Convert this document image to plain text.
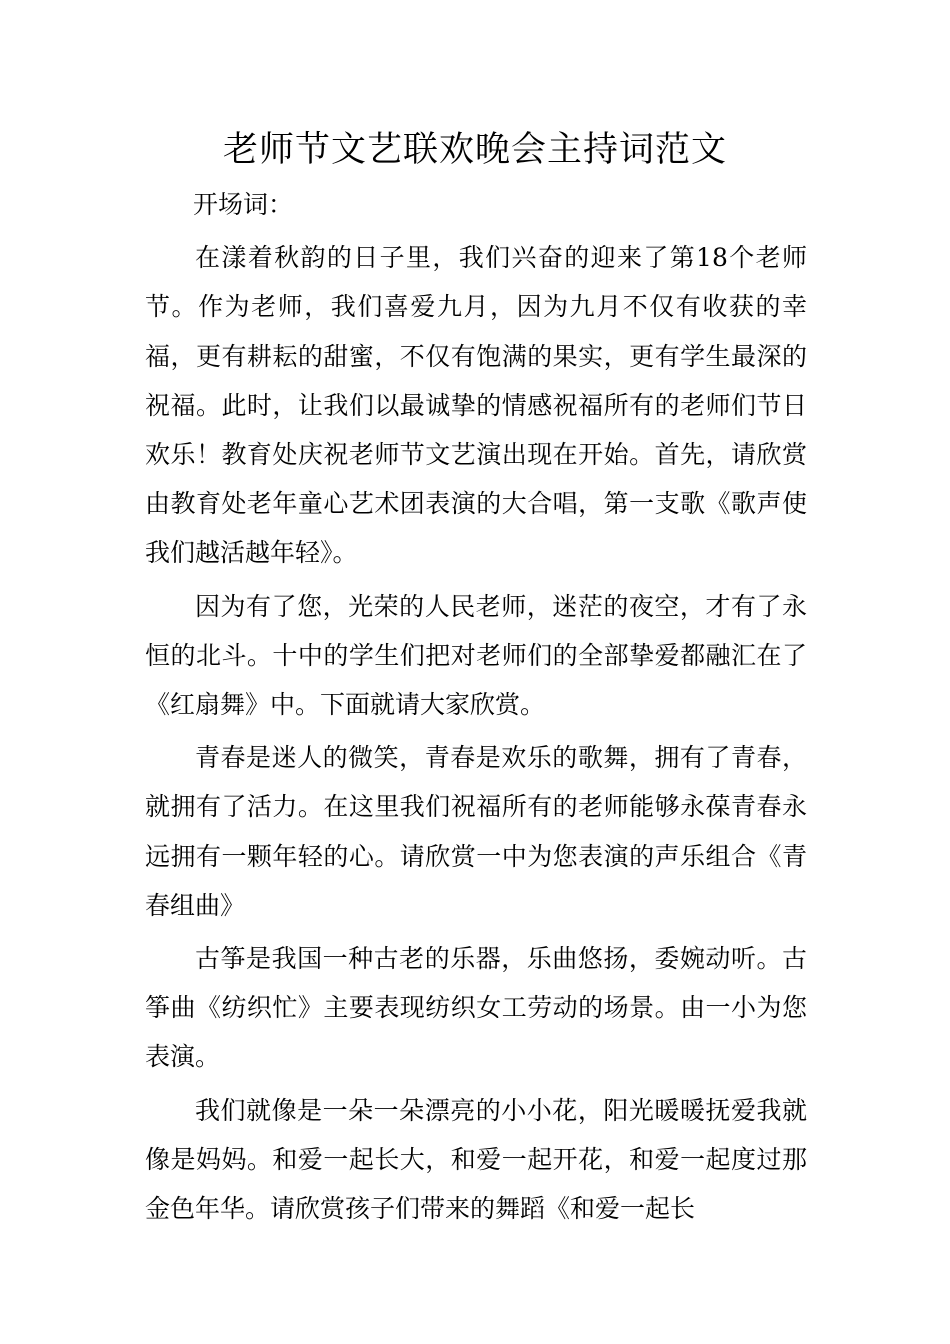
老师节文艺联欢晚会主持词范文

开场词：

在漾着秋韵的日子里，我们兴奋的迎来了第18个老师节。作为老师，我们喜爱九月，因为九月不仅有收获的幸福，更有耕耘的甜蜜，不仅有饱满的果实，更有学生最深的祝福。此时，让我们以最诚挚的情感祝福所有的老师们节日欢乐！教育处庆祝老师节文艺演出现在开始。首先，请欣赏由教育处老年童心艺术团表演的大合唱，第一支歌《歌声使我们越活越年轻》。

因为有了您，光荣的人民老师，迷茫的夜空，才有了永恒的北斗。十中的学生们把对老师们的全部挚爱都融汇在了《红扇舞》中。下面就请大家欣赏。

青春是迷人的微笑，青春是欢乐的歌舞，拥有了青春，就拥有了活力。在这里我们祝福所有的老师能够永葆青春永远拥有一颗年轻的心。请欣赏一中为您表演的声乐组合《青春组曲》

古筝是我国一种古老的乐器，乐曲悠扬，委婉动听。古筝曲《纺织忙》主要表现纺织女工劳动的场景。由一小为您表演。

我们就像是一朵一朵漂亮的小小花，阳光暖暖抚爱我就像是妈妈。和爱一起长大，和爱一起开花，和爱一起度过那金色年华。请欣赏孩子们带来的舞蹈《和爱一起长
